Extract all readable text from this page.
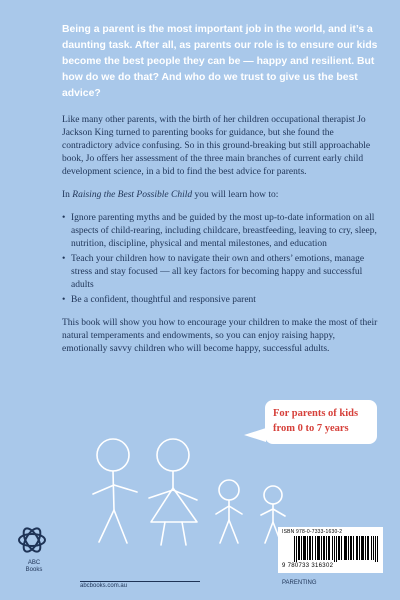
Being a parent is the most important job in the world, and it’s a daunting task. After all, as parents our role is to ensure our kids become the best people they can be — happy and resilient. But how do we do that? And who do we trust to give us the best advice?

Like many other parents, with the birth of her children occupational therapist Jo Jackson King turned to parenting books for guidance, but she found the contradictory advice confusing. So in this ground-breaking but still approachable book, Jo offers her assessment of the three main branches of current early child development science, in a bid to find the best advice for parents.

In Raising the Best Possible Child you will learn how to:

• Ignore parenting myths and be guided by the most up-to-date information on all aspects of child-rearing, including childcare, breastfeeding, leaving to cry, sleep, nutrition, discipline, physical and mental milestones, and education
• Teach your children how to navigate their own and others’ emotions, manage stress and stay focused — all key factors for becoming happy and successful adults
• Be a confident, thoughtful and responsive parent

This book will show you how to encourage your children to make the most of their natural temperaments and endowments, so you can enjoy raising happy, emotionally savvy children who will become happy, successful adults.

For parents of kids from 0 to 7 years
ABC Books
abcbooks.com.au
ISBN 978-0-7333-1630-2
9 780733 316302
PARENTING
